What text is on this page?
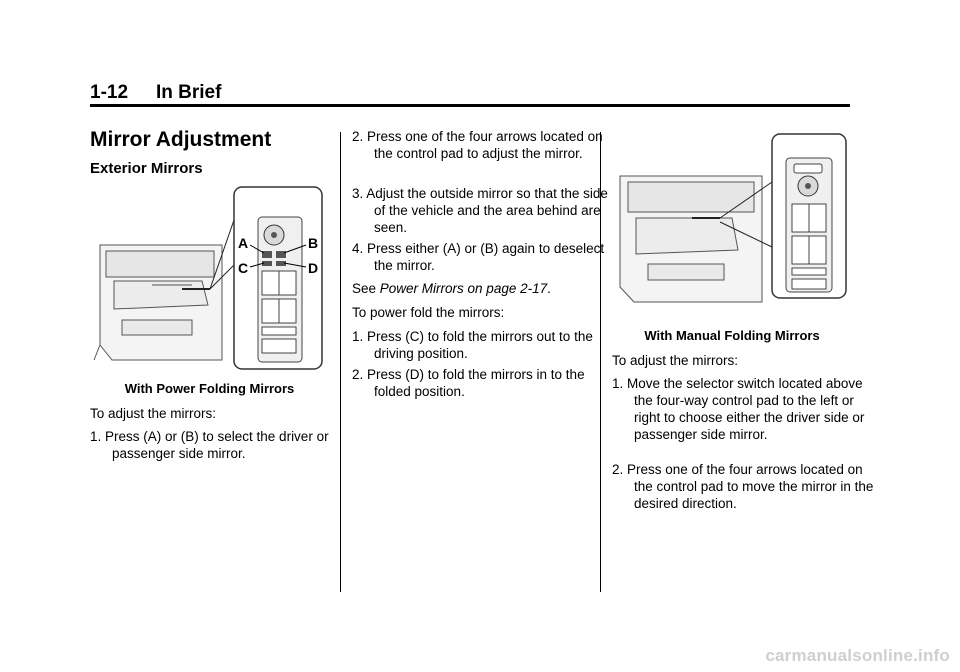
1-12 In Brief
Mirror Adjustment
Exterior Mirrors
A	B
C	D
With Power Folding Mirrors

To adjust the mirrors:

1. Press (A) or (B) to select the driver or passenger side mirror.

2. Press one of the four arrows located on the control pad to adjust the mirror.

3. Adjust the outside mirror so that the side of the vehicle and the area behind are seen.

4. Press either (A) or (B) again to deselect the mirror.

See Power Mirrors on page 2-17.

To power fold the mirrors:

1. Press (C) to fold the mirrors out to the driving position.

2. Press (D) to fold the mirrors in to the folded position.

With Manual Folding Mirrors

To adjust the mirrors:

1. Move the selector switch located above the four-way control pad to the left or right to choose either the driver side or passenger side mirror.

2. Press one of the four arrows located on the control pad to move the mirror in the desired direction.

carmanualsonline.info
